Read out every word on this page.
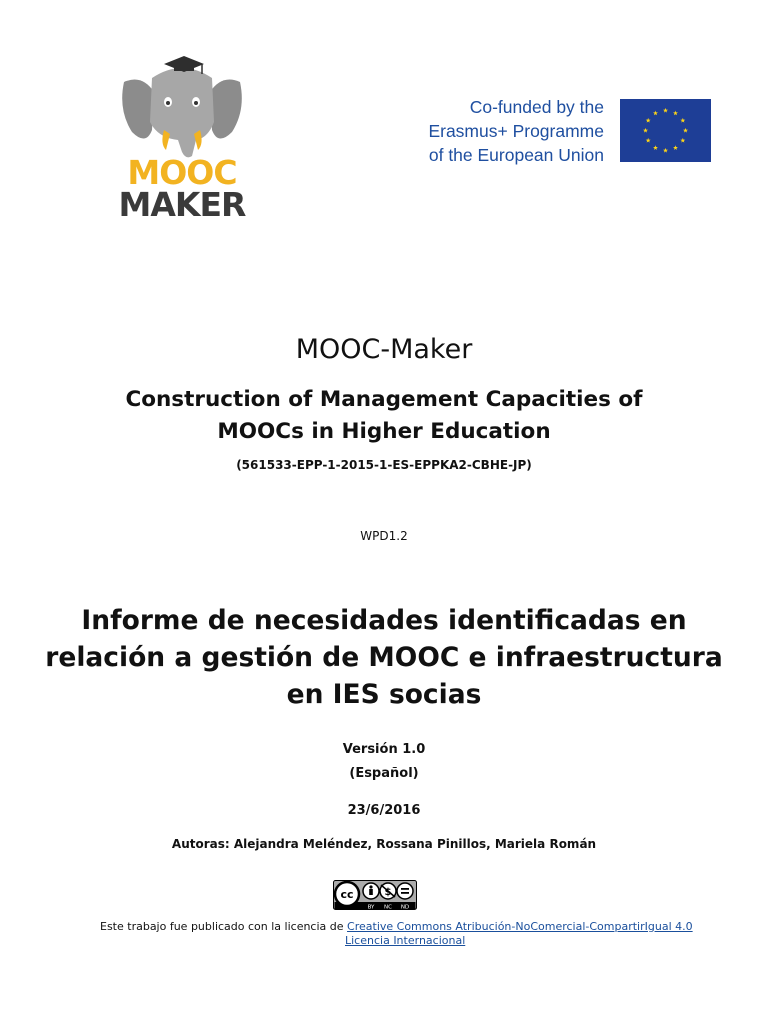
MOOC
MAKER
Co-funded by the
Erasmus+ Programme
of the European Union
MOOC-Maker
Construction of Management Capacities of
MOOCs in Higher Education
(561533-EPP-1-2015-1-ES-EPPKA2-CBHE-JP)
WPD1.2
Informe de necesidades identificadas en
relación a gestión de MOOC e infraestructura
en IES socias
Versión 1.0
(Español)
23/6/2016
Autoras: Alejandra Meléndez, Rossana Pinillos, Mariela Román
cc	$
BY NC ND
Este trabajo fue publicado con la licencia de Creative Commons Atribución-NoComercial-CompartirIgual 4.0
Licencia Internacional
